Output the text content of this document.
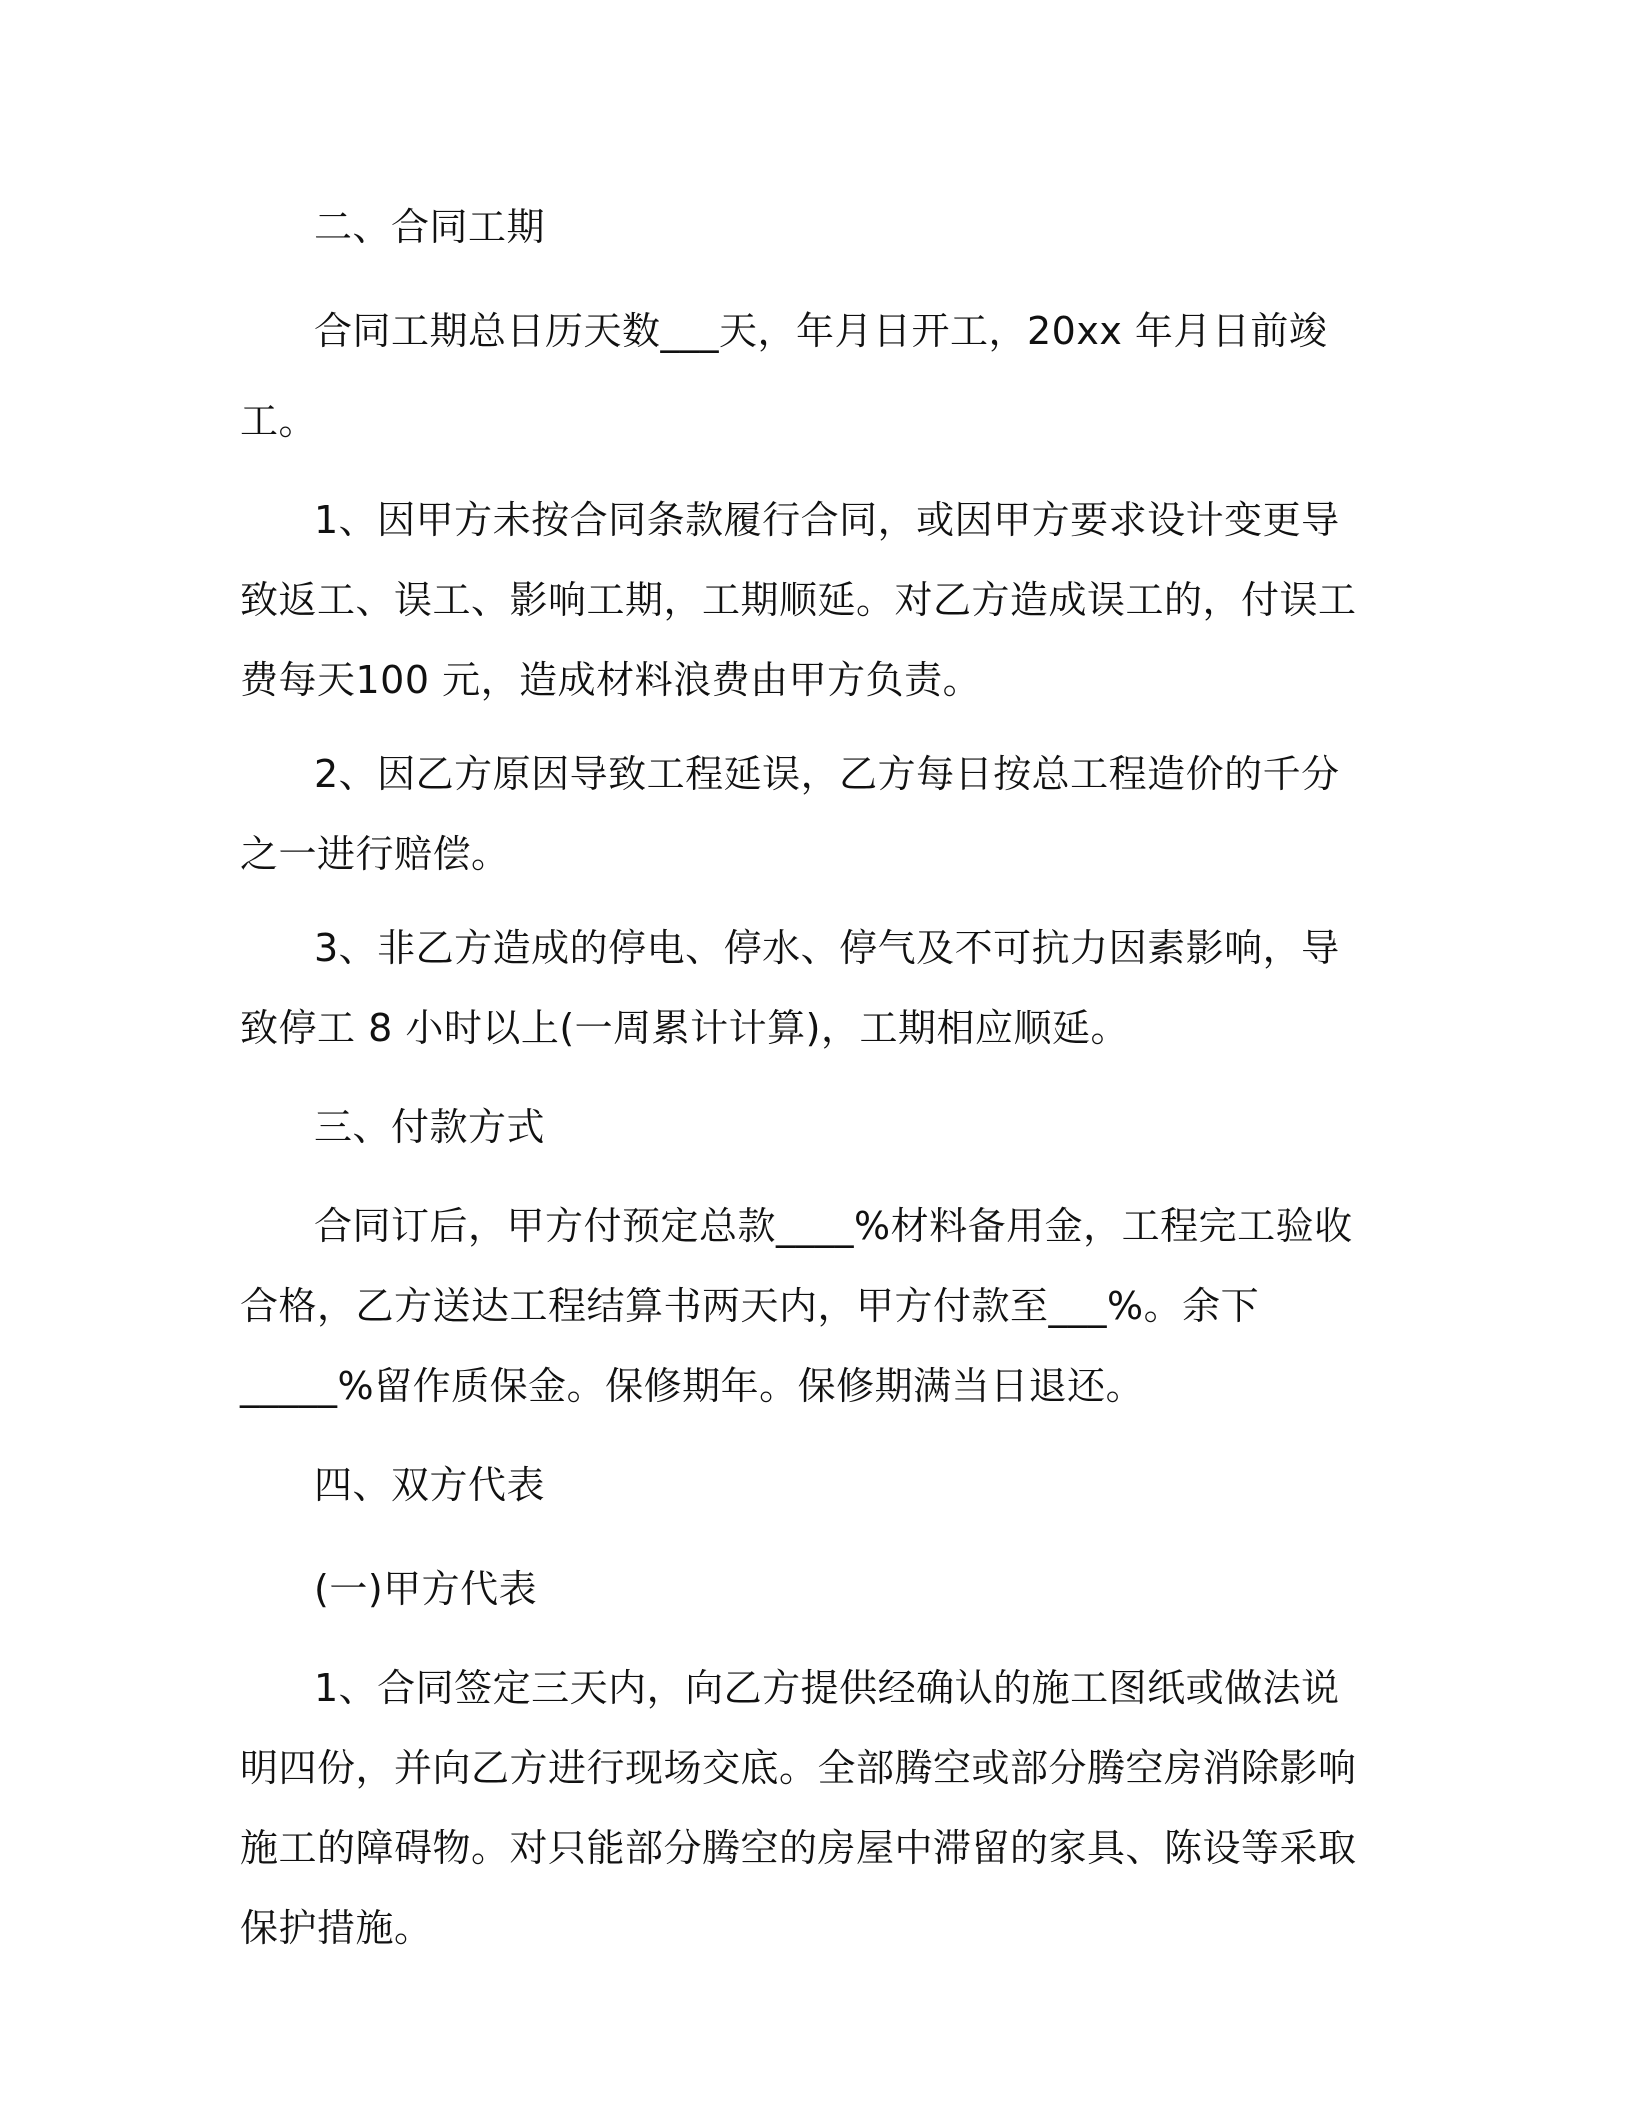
二、合同工期

合同工期总日历天数___天，年月日开工，20xx 年月日前竣工。

1、因甲方未按合同条款履行合同，或因甲方要求设计变更导致返工、误工、影响工期，工期顺延。对乙方造成误工的，付误工费每天100 元，造成材料浪费由甲方负责。

2、因乙方原因导致工程延误，乙方每日按总工程造价的千分之一进行赔偿。

3、非乙方造成的停电、停水、停气及不可抗力因素影响，导致停工 8 小时以上(一周累计计算)，工期相应顺延。

三、付款方式

合同订后，甲方付预定总款____%材料备用金，工程完工验收合格，乙方送达工程结算书两天内，甲方付款至___%。余下_____%留作质保金。保修期年。保修期满当日退还。

四、双方代表

(一)甲方代表

1、合同签定三天内，向乙方提供经确认的施工图纸或做法说明四份，并向乙方进行现场交底。全部腾空或部分腾空房消除影响施工的障碍物。对只能部分腾空的房屋中滞留的家具、陈设等采取保护措施。
